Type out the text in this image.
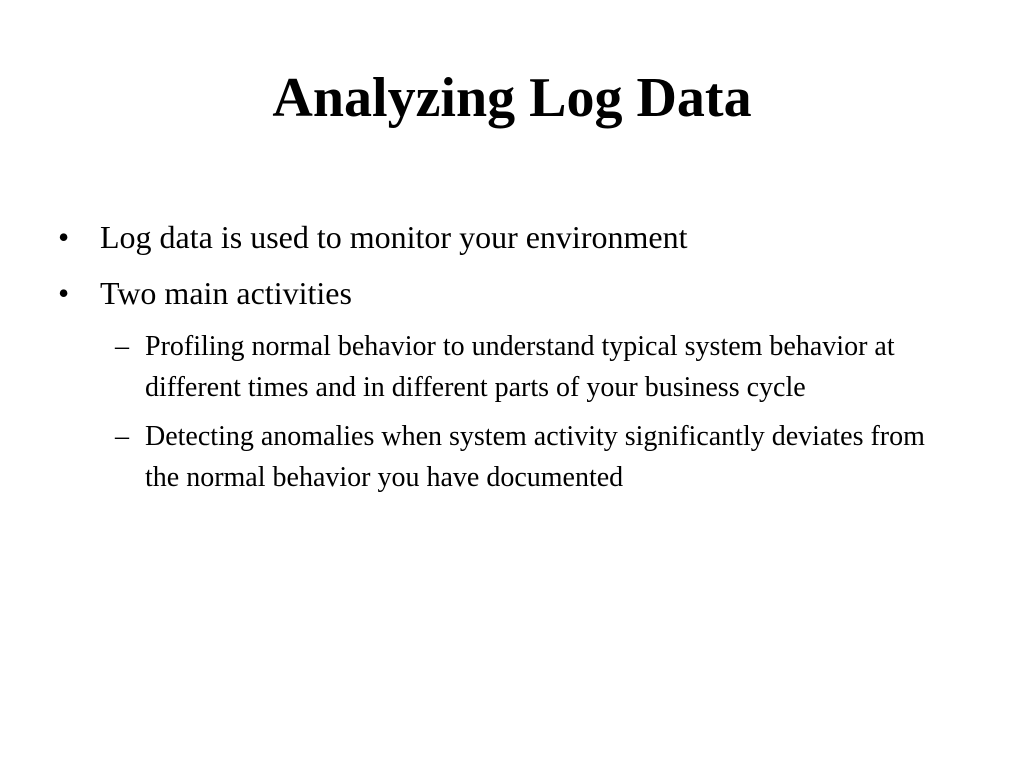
Analyzing Log Data
• Log data is used to monitor your environment
• Two main activities
– Profiling normal behavior to understand typical system behavior at different times and in different parts of your business cycle
– Detecting anomalies when system activity significantly deviates from the normal behavior you have documented
